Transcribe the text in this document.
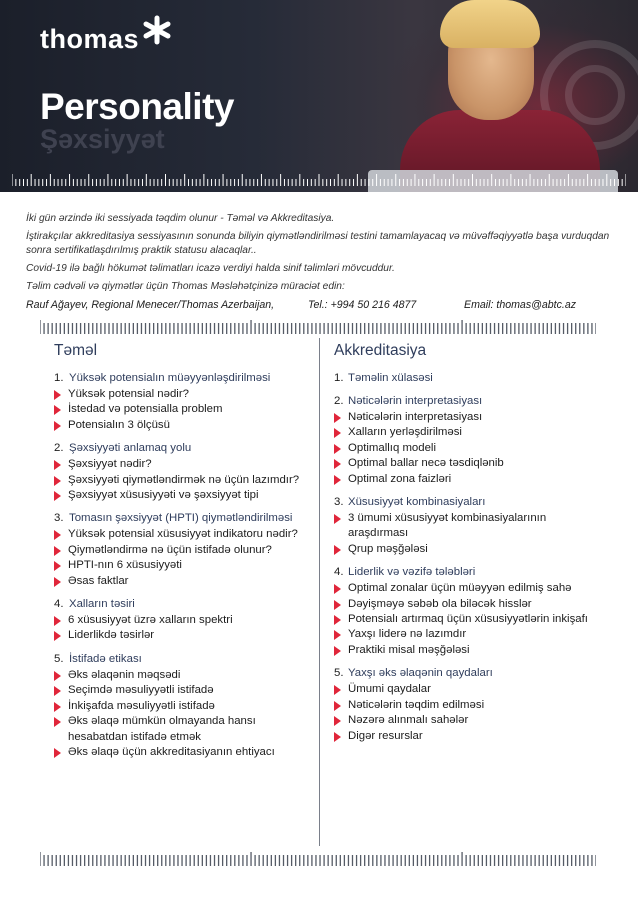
thomas
Personality
Şəxsiyyət

İki gün ərzində iki sessiyada təqdim olunur - Təməl və Akkreditasiya.

İştirakçılar akkreditasiya sessiyasının sonunda biliyin qiymətləndirilməsi testini tamamlayacaq və müvəffəqiyyətlə başa vurduqdan sonra sertifikatlaşdırılmış praktik statusu alacaqlar..

Covid-19 ilə bağlı hökumət təlimatları icazə verdiyi halda sinif təlimləri mövcuddur.

Təlim cədvəli və qiymətlər üçün Thomas Məsləhətçinizə müraciət edin:

Rauf Ağayev, Regional Menecer/Thomas Azerbaijan,	Tel.: +994 50 216 4877	Email: thomas@abtc.az
Təməl
1. Yüksək potensialın müəyyənləşdirilməsi
Yüksək potensial nədir?
İstedad və potensialla problem
Potensialın 3 ölçüsü
2. Şəxsiyyəti anlamaq yolu
Şəxsiyyət nədir?
Şəxsiyyəti qiymətləndirmək nə üçün lazımdır?
Şəxsiyyət xüsusiyyəti və şəxsiyyət tipi
3. Tomasın şəxsiyyət (HPTI) qiymətləndirilməsi
Yüksək potensial xüsusiyyət indikatoru nədir?
Qiymətləndirmə nə üçün istifadə olunur?
HPTI-nın 6 xüsusiyyəti
Əsas faktlar
4. Xalların təsiri
6 xüsusiyyət üzrə xalların spektri
Liderlikdə təsirlər
5. İstifadə etikası
Əks əlaqənin məqsədi
Seçimdə məsuliyyətli istifadə
İnkişafda məsuliyyətli istifadə
Əks əlaqə mümkün olmayanda hansı hesabatdan istifadə etmək
Əks əlaqə üçün akkreditasiyanın ehtiyacı
Akkreditasiya
1. Təməlin xülasəsi
2. Nəticələrin interpretasiyası
Nəticələrin interpretasiyası
Xalların yerləşdirilməsi
Optimallıq modeli
Optimal ballar necə təsdiqlənib
Optimal zona faizləri
3. Xüsusiyyət kombinasiyaları
3 ümumi xüsusiyyət kombinasiyalarının araşdırması
Qrup məşğələsi
4. Liderlik və vəzifə tələbləri
Optimal zonalar üçün müəyyən edilmiş sahə
Dəyişməyə səbəb ola biləcək hisslər
Potensialı artırmaq üçün xüsusiyyətlərin inkişafı
Yaxşı liderə nə lazımdır
Praktiki misal məşğələsi
5. Yaxşı əks əlaqənin qaydaları
Ümumi qaydalar
Nəticələrin təqdim edilməsi
Nəzərə alınmalı sahələr
Digər resurslar
